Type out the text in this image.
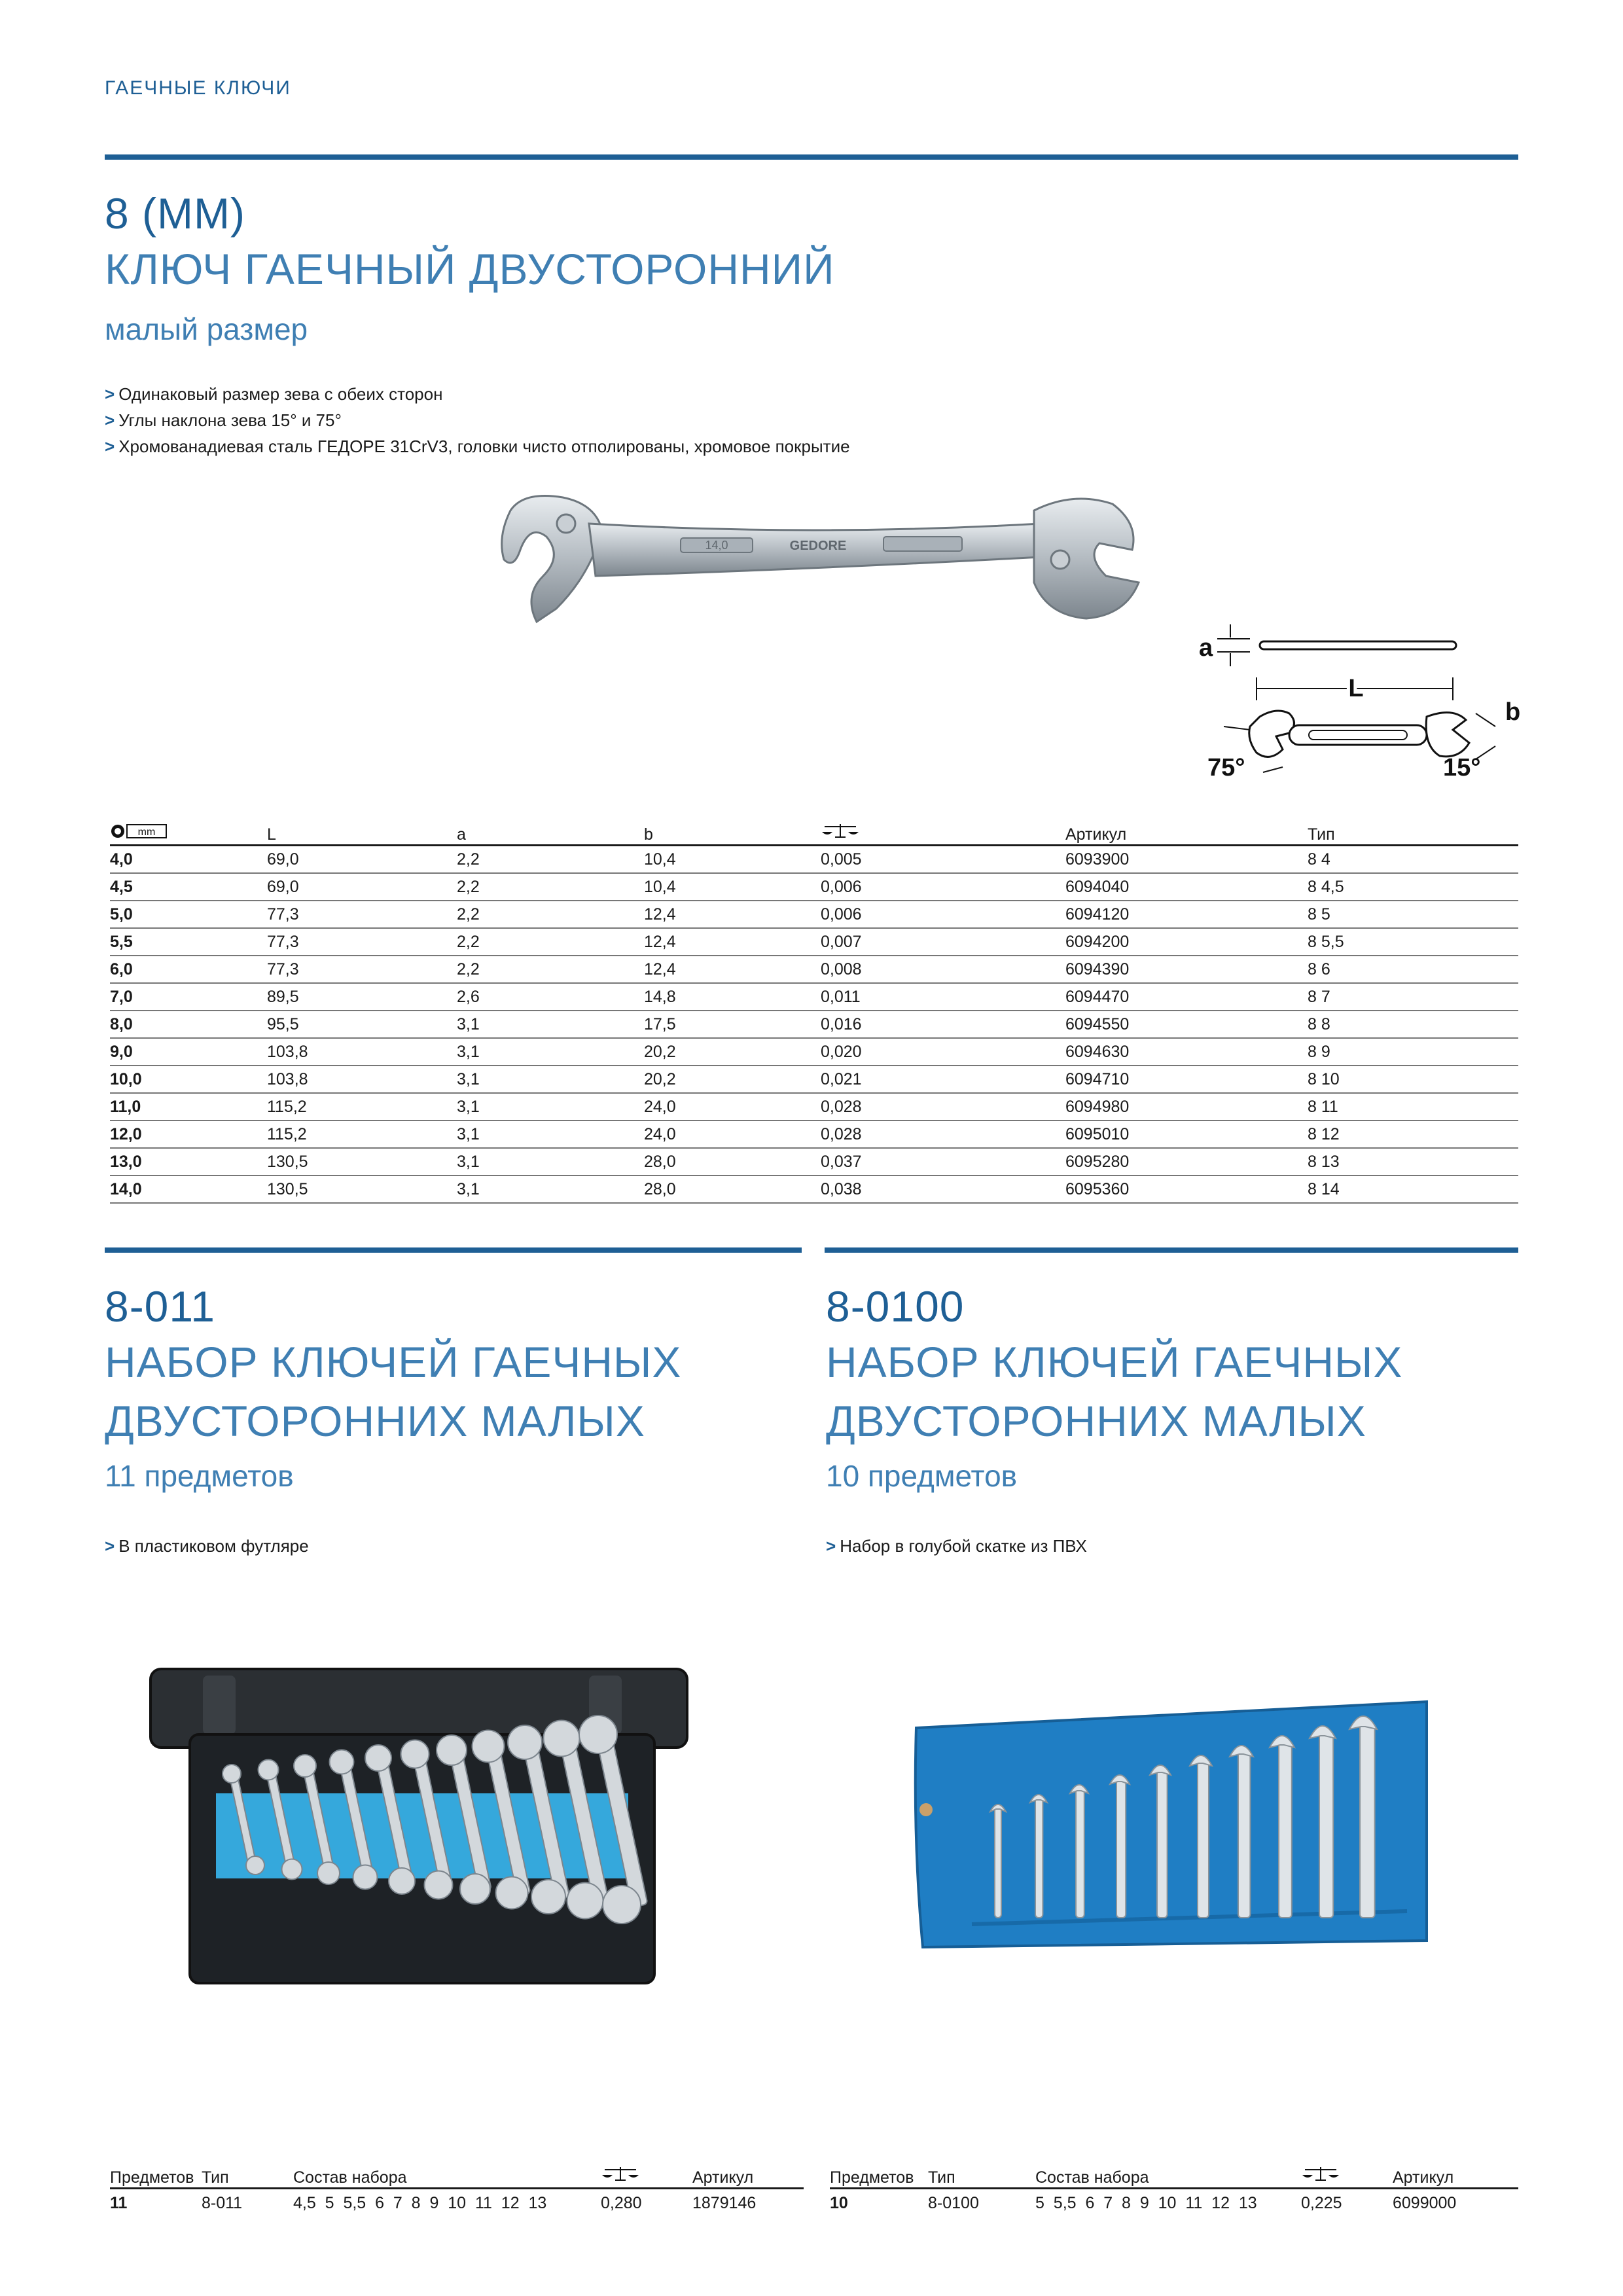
ГАЕЧНЫЕ КЛЮЧИ
8 (ММ)
КЛЮЧ ГАЕЧНЫЙ ДВУСТОРОННИЙ
малый размер
> Одинаковый размер зева с обеих сторон
> Углы наклона зева 15° и 75°
> Хромованадиевая сталь ГЕДОРЕ 31CrV3, головки чисто отполированы, хромовое покрытие
14,0	GEDORE
a
L
b
75°	15°
mm	L	a	b		Артикул	Тип
4,0	69,0	2,2	10,4	0,005	6093900	8 4
4,5	69,0	2,2	10,4	0,006	6094040	8 4,5
5,0	77,3	2,2	12,4	0,006	6094120	8 5
5,5	77,3	2,2	12,4	0,007	6094200	8 5,5
6,0	77,3	2,2	12,4	0,008	6094390	8 6
7,0	89,5	2,6	14,8	0,011	6094470	8 7
8,0	95,5	3,1	17,5	0,016	6094550	8 8
9,0	103,8	3,1	20,2	0,020	6094630	8 9
10,0	103,8	3,1	20,2	0,021	6094710	8 10
11,0	115,2	3,1	24,0	0,028	6094980	8 11
12,0	115,2	3,1	24,0	0,028	6095010	8 12
13,0	130,5	3,1	28,0	0,037	6095280	8 13
14,0	130,5	3,1	28,0	0,038	6095360	8 14
8-011
НАБОР КЛЮЧЕЙ ГАЕЧНЫХ
ДВУСТОРОННИХ МАЛЫХ
11 предметов
> В пластиковом футляре
8-0100
НАБОР КЛЮЧЕЙ ГАЕЧНЫХ
ДВУСТОРОННИХ МАЛЫХ
10 предметов
> Набор в голубой скатке из ПВХ
Предметов	Тип	Состав набора		Артикул
11	8-011	4,5  5  5,5  6  7  8  9  10  11  12  13	0,280	1879146
Предметов	Тип	Состав набора		Артикул
10	8-0100	5  5,5  6  7  8  9  10  11  12  13	0,225	6099000
